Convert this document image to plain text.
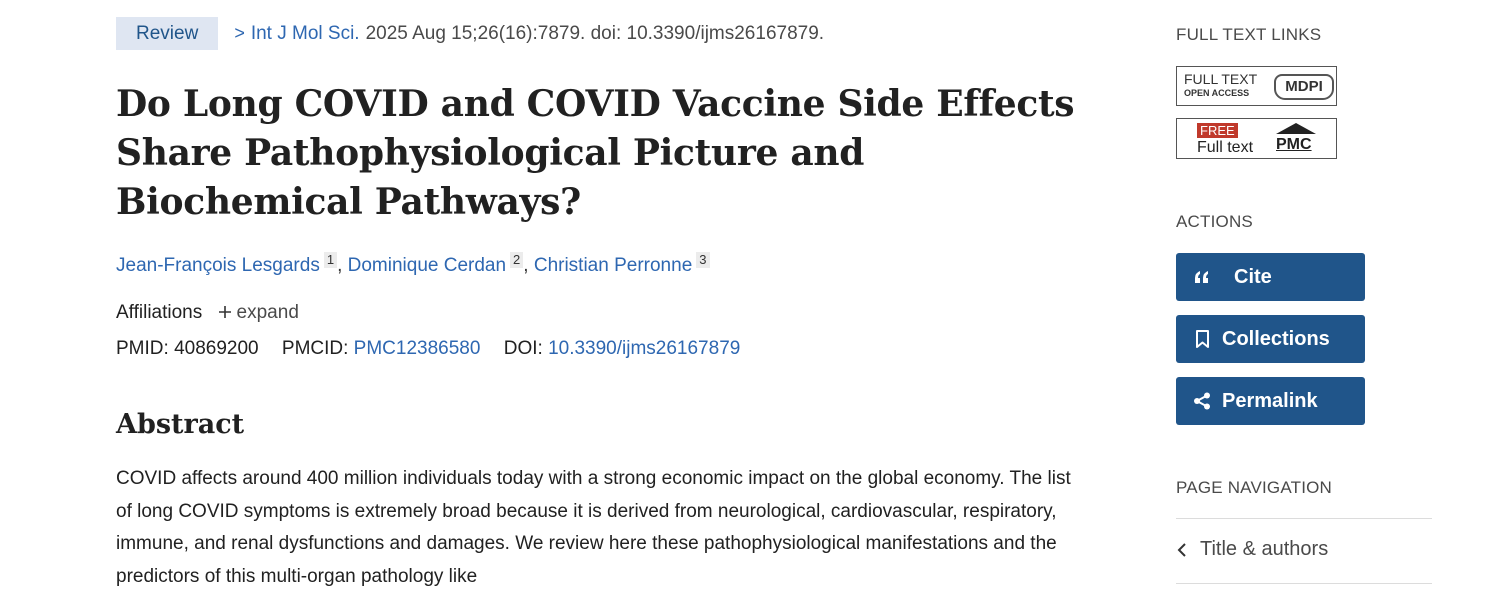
Review	> Int J Mol Sci. 2025 Aug 15;26(16):7879. doi: 10.3390/ijms26167879.
Do Long COVID and COVID Vaccine Side Effects Share Pathophysiological Picture and Biochemical Pathways?
Jean-François Lesgards 1 , Dominique Cerdan 2 , Christian Perronne 3
Affiliations expand
PMID: 40869200 PMCID: PMC12386580 DOI: 10.3390/ijms26167879
Abstract

COVID affects around 400 million individuals today with a strong economic impact on the global economy. The list of long COVID symptoms is extremely broad because it is derived from neurological, cardiovascular, respiratory, immune, and renal dysfunctions and damages. We review here these pathophysiological manifestations and the predictors of this multi-organ pathology like

FULL TEXT LINKS
FULL TEXT
OPEN ACCESS	MDPI
FREE
Full text PMC
ACTIONS
Cite
Collections
Permalink
PAGE NAVIGATION
Title & authors
